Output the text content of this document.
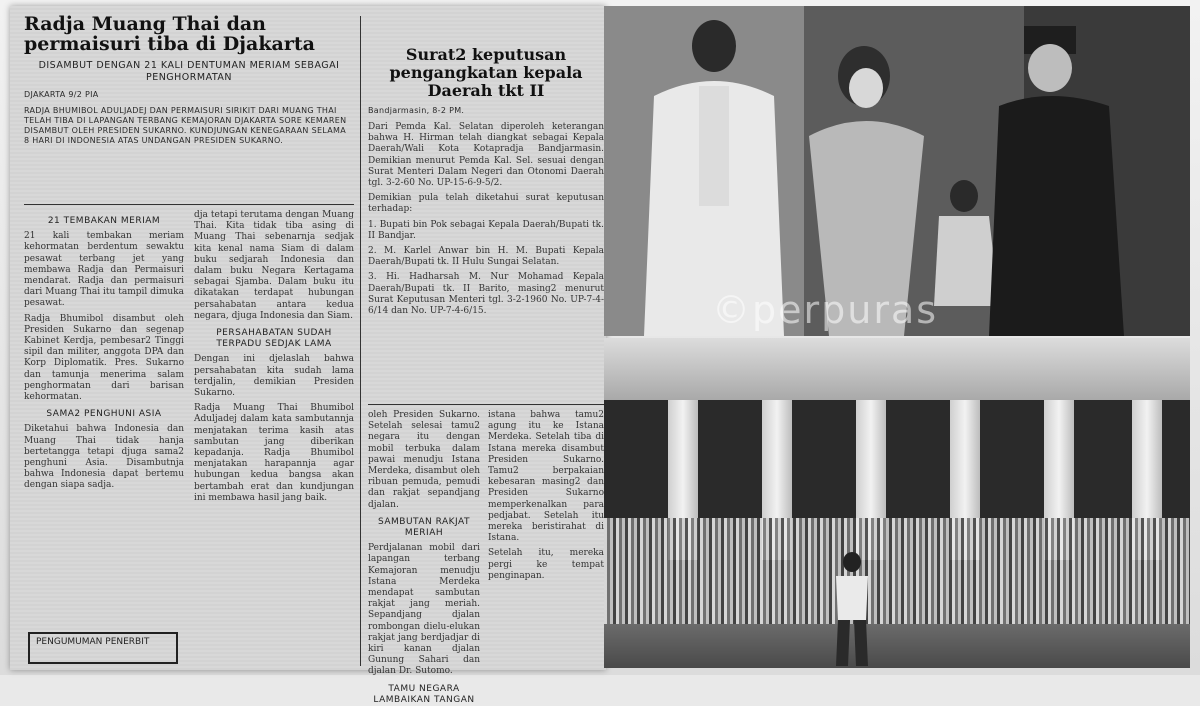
Radja Muang Thai dan permaisuri tiba di Djakarta
DISAMBUT DENGAN 21 KALI DENTUMAN MERIAM SEBAGAI PENGHORMATAN
DJAKARTA 9/2 PIA
RADJA BHUMIBOL ADULJADEJ DAN PERMAISURI SIRIKIT DARI MUANG THAI TELAH TIBA DI LAPANGAN TERBANG KEMAJORAN DJAKARTA SORE KEMAREN DISAMBUT OLEH PRESIDEN SUKARNO. KUNDJUNGAN KENEGARAAN SELAMA 8 HARI DI INDONESIA ATAS UNDANGAN PRESIDEN SUKARNO.
21 TEMBAKAN MERIAM

21 kali tembakan meriam kehormatan berdentum sewaktu pesawat terbang jet yang membawa Radja dan Permaisuri mendarat. Radja dan permaisuri dari Muang Thai itu tampil dimuka pesawat.

Radja Bhumibol disambut oleh Presiden Sukarno dan segenap Kabinet Kerdja, pembesar2 Tinggi sipil dan militer, anggota DPA dan Korp Diplomatik. Pres. Sukarno dan tamunja menerima salam penghormatan dari barisan kehormatan.

SAMA2 PENGHUNI ASIA

Diketahui bahwa Indonesia dan Muang Thai tidak hanja bertetangga tetapi djuga sama2 penghuni Asia. Disambutnja bahwa Indonesia dapat bertemu dengan siapa sadja.

dja tetapi terutama dengan Muang Thai. Kita tidak tiba asing di Muang Thai sebenarnja sedjak kita kenal nama Siam di dalam buku sedjarah Indonesia dan dalam buku Negara Kertagama sebagai Sjamba. Dalam buku itu dikatakan terdapat hubungan persahabatan antara kedua negara, djuga Indonesia dan Siam.

PERSAHABATAN SUDAH TERPADU SEDJAK LAMA

Dengan ini djelaslah bahwa persahabatan kita sudah lama terdjalin, demikian Presiden Sukarno.

Radja Muang Thai Bhumibol Aduljadej dalam kata sambutannja menjatakan terima kasih atas sambutan jang diberikan kepadanja. Radja Bhumibol menjatakan harapannja agar hubungan kedua bangsa akan bertambah erat dan kundjungan ini membawa hasil jang baik.

Surat2 keputusan pengangkatan kepala Daerah tkt II
Bandjarmasin, 8-2 PM.

Dari Pemda Kal. Selatan diperoleh keterangan bahwa H. Hirman telah diangkat sebagai Kepala Daerah/Wali Kota Kotapradja Bandjarmasin. Demikian menurut Pemda Kal. Sel. sesuai dengan Surat Menteri Dalam Negeri dan Otonomi Daerah tgl. 3-2-60 No. UP-15-6-9-5/2.

Demikian pula telah diketahui surat keputusan terhadap:

1. Bupati bin Pok sebagai Kepala Daerah/Bupati tk. II Bandjar.

2. M. Karlel Anwar bin H. M. Bupati Kepala Daerah/Bupati tk. II Hulu Sungai Selatan.

3. Hi. Hadharsah M. Nur Mohamad Kepala Daerah/Bupati tk. II Barito, masing2 menurut Surat Keputusan Menteri tgl. 3-2-1960 No. UP-7-4-6/14 dan No. UP-7-4-6/15.

oleh Presiden Sukarno. Setelah selesai tamu2 negara itu dengan mobil terbuka dalam pawai menudju Istana Merdeka, disambut oleh ribuan pemuda, pemudi dan rakjat sepandjang djalan.

SAMBUTAN RAKJAT MERIAH

Perdjalanan mobil dari lapangan terbang Kemajoran menudju Istana Merdeka mendapat sambutan rakjat jang meriah. Sepandjang djalan rombongan dielu-elukan rakjat jang berdjadjar di kiri kanan djalan Gunung Sahari dan djalan Dr. Sutomo.

TAMU NEGARA LAMBAIKAN TANGAN

istana bahwa tamu2 agung itu ke Istana Merdeka. Setelah tiba di Istana mereka disambut Presiden Sukarno. Tamu2 berpakaian kebesaran masing2 dan Presiden Sukarno memperkenalkan para pedjabat. Setelah itu mereka beristirahat di Istana.

Setelah itu, mereka pergi ke tempat penginapan.

PENGUMUMAN PENERBIT
©perpuras
